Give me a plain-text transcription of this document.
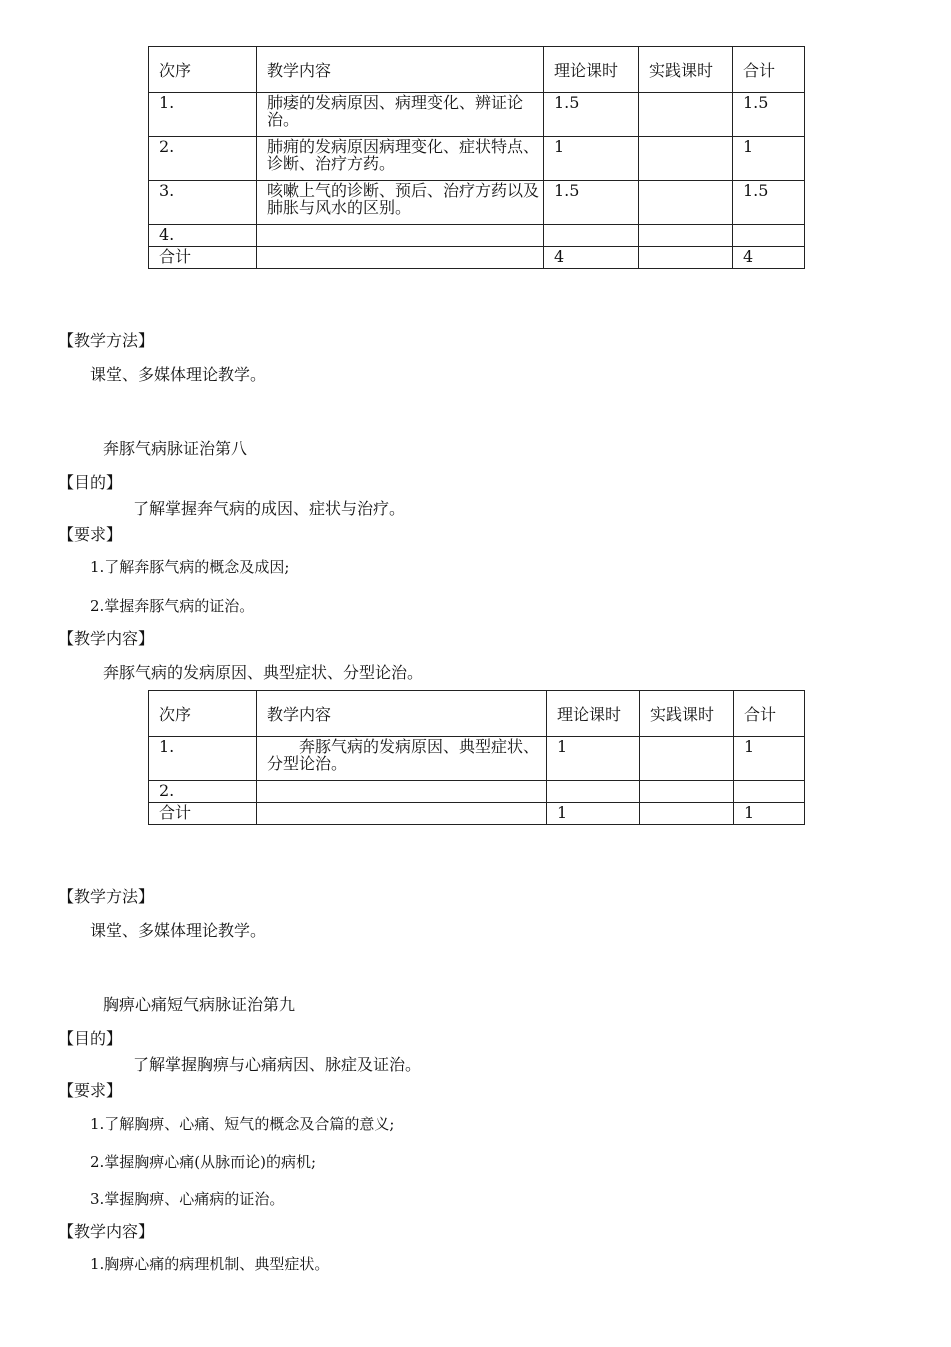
次序	教学内容	理论课时	实践课时	合计
1.	肺痿的发病原因、病理变化、辨证论治。	1.5		1.5
2.	肺痈的发病原因病理变化、症状特点、诊断、治疗方药。	1		1
3.	咳嗽上气的诊断、预后、治疗方药以及肺胀与风水的区别。	1.5		1.5
4.				
合计		4		4
【教学方法】
课堂、多媒体理论教学。
奔豚气病脉证治第八
【目的】
了解掌握奔气病的成因、症状与治疗。
【要求】
1.了解奔豚气病的概念及成因;
2.掌握奔豚气病的证治。
【教学内容】
奔豚气病的发病原因、典型症状、分型论治。
次序	教学内容	理论课时	实践课时	合计
1.	奔豚气病的发病原因、典型症状、分型论治。	1		1
2.				
合计		1		1
【教学方法】
课堂、多媒体理论教学。
胸痹心痛短气病脉证治第九
【目的】
了解掌握胸痹与心痛病因、脉症及证治。
【要求】
1.了解胸痹、心痛、短气的概念及合篇的意义;
2.掌握胸痹心痛(从脉而论)的病机;
3.掌握胸痹、心痛病的证治。
【教学内容】
1.胸痹心痛的病理机制、典型症状。
